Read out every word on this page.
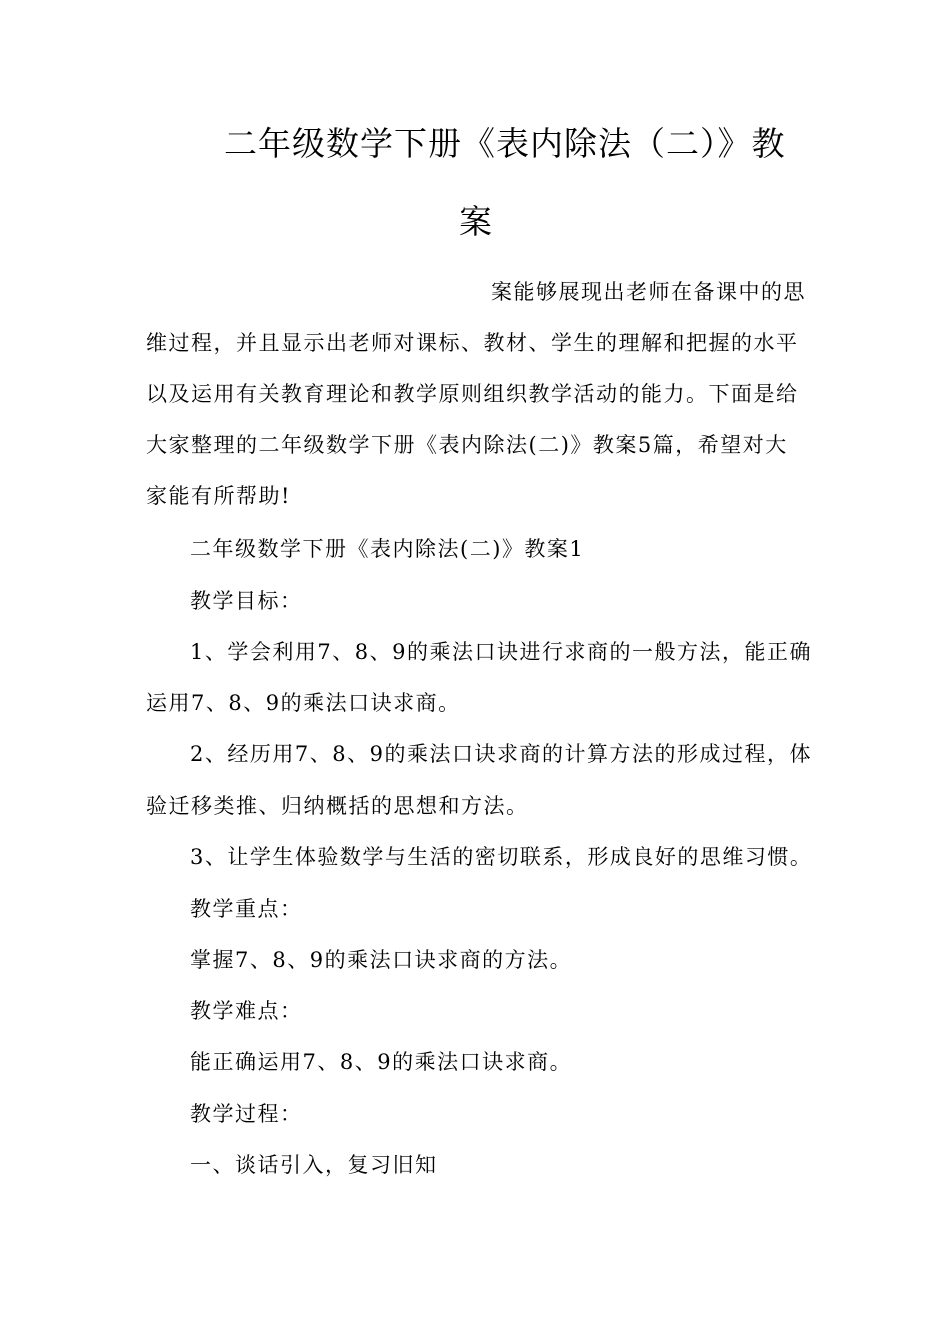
二年级数学下册《表内除法（二）》教
案
案能够展现出老师在备课中的思
维过程，并且显示出老师对课标、教材、学生的理解和把握的水平
以及运用有关教育理论和教学原则组织教学活动的能力。下面是给
大家整理的二年级数学下册《表内除法(二)》教案5篇，希望对大
家能有所帮助!
二年级数学下册《表内除法(二)》教案1
教学目标：
1、学会利用7、8、9的乘法口诀进行求商的一般方法，能正确
运用7、8、9的乘法口诀求商。
2、经历用7、8、9的乘法口诀求商的计算方法的形成过程，体
验迁移类推、归纳概括的思想和方法。
3、让学生体验数学与生活的密切联系，形成良好的思维习惯。
教学重点：
掌握7、8、9的乘法口诀求商的方法。
教学难点：
能正确运用7、8、9的乘法口诀求商。
教学过程：
一、谈话引入，复习旧知
